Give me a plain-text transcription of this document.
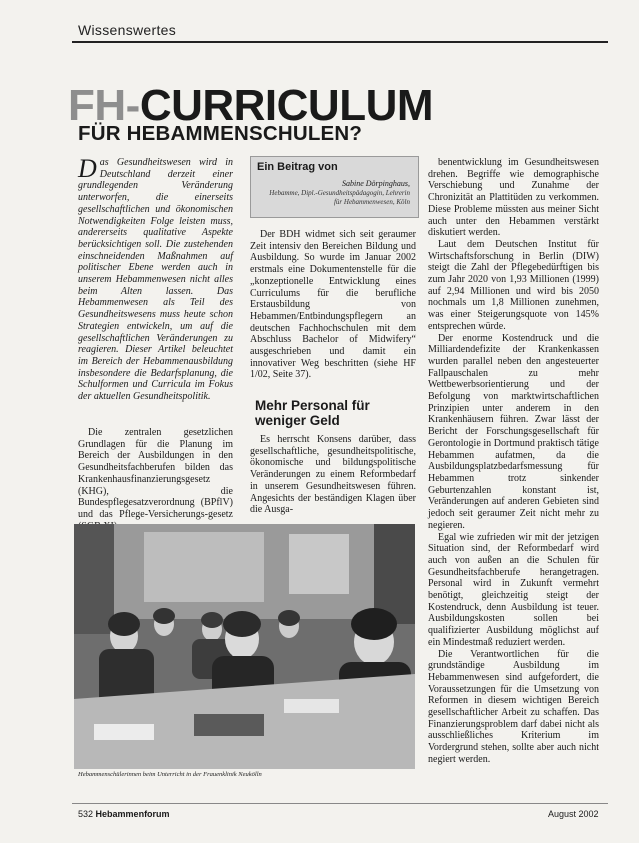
Wissenswertes
FH-CURRICULUM
FÜR HEBAMMENSCHULEN?
Das Gesundheitswesen wird in Deutschland derzeit einer grundlegenden Veränderung unterworfen, die einerseits gesellschaftlichen und ökonomischen Notwendigkeiten Folge leisten muss, andererseits qualitative Aspekte berücksichtigen soll. Die zustehenden einschneidenden Maßnahmen auf politischer Ebene werden auch in unserem Hebammenwesen nicht alles beim Alten lassen. Das Hebammenwesen als Teil des Gesundheitswesens muss heute schon Strategien entwickeln, um auf die gesellschaftlichen Veränderungen zu reagieren. Dieser Artikel beleuchtet im Bereich der Hebammenausbildung insbesondere die Bedarfsplanung, die Schulformen und Curricula im Fokus der aktuellen Gesundheitspolitik.
Die zentralen gesetzlichen Grundlagen für die Planung im Bereich der Ausbildungen in den Gesundheitsfachberufen bilden das Krankenhausfinanzierungsgesetz (KHG), die Bundespflegesatzverordnung (BPflV) und das Pflege-Versicherungs-gesetz
Ein Beitrag von
Sabine Dörpinghaus,
Hebamme, Dipl.-Gesundheitspädagogin, Lehrerin für Hebammenwesen, Köln
Der BDH widmet sich seit geraumer Zeit intensiv den Bereichen Bildung und Ausbildung. So wurde im Januar 2002 erstmals eine Dokumentenstelle für die „konzeptionelle Entwicklung eines Curriculums für die berufliche Erstausbildung von Hebammen/Entbindungspflegern an deutschen Fachhochschulen mit dem Abschluss Bachelor of Midwifery“ ausgeschrieben und damit ein innovativer Weg beschritten (siehe HF 1/02, Seite 37).
Mehr Personal für weniger Geld
Es herrscht Konsens darüber, dass gesellschaftliche, gesundheitspolitische, ökonomische und bildungspolitische Veränderungen zu einem Reformbedarf in unserem Gesundheitswesen führen. Angesichts der beständigen Klagen über die Ausga-

benentwicklung im Gesundheitswesen drehen. Begriffe wie demographische Verschiebung und Zunahme der Chronizität an Plattitüden zu verkommen. Diese Probleme müssten aus meiner Sicht auch unter den Hebammen verstärkt diskutiert werden.

Laut dem Deutschen Institut für Wirtschaftsforschung in Berlin (DIW) steigt die Zahl der Pflegebedürftigen bis zum Jahr 2020 von 1,93 Millionen (1999) auf 2,94 Millionen und wird bis 2050 nochmals um 1,8 Millionen zunehmen, was einer Steigerungsquote von 145% entsprechen würde.

Der enorme Kostendruck und die Milliardendefizite der Krankenkassen wurden parallel neben den angesteuerter Fallpauschalen zu mehr Wettbewerbsorientierung und der Befolgung von marktwirtschaftlichen Prinzipien unter anderem in den Krankenhäusern führen. Zwar lässt der Bericht der Forschungsgesellschaft für Gerontologie in Dortmund praktisch tätige Hebammen aufatmen, da die Ausbildungsplatzbedarfsmessung für Hebammen trotz sinkender Geburtenzahlen konstant ist, Veränderungen auf anderen Gebieten sind jedoch seit geraumer Zeit nicht mehr zu negieren.

Egal wie zufrieden wir mit der jetzigen Situation sind, der Reformbedarf wird auch von außen an die Schulen für Gesundheitsfachberufe herangetragen. Personal wird in Zukunft vermehrt benötigt, gleichzeitig steigt der Kostendruck, denn Ausbildung ist teuer. Ausbildungskosten sollen bei qualifizierter Ausbildung möglichst auf ein Mindestmaß reduziert werden.

Die Verantwortlichen für die grundständige Ausbildung im Hebammenwesen sind aufgefordert, die Voraussetzungen für die Umsetzung von Reformen in diesem wichtigen Bereich gesellschaftlicher Arbeit zu schaffen. Das Finanzierungsproblem darf dabei nicht als ausschließliches Kriterium im Vordergrund stehen, sollte aber auch nicht negiert werden.

Hebammenschülerinnen beim Unterricht in der Frauenklinik Neukölln
532 Hebammenforum	August 2002
